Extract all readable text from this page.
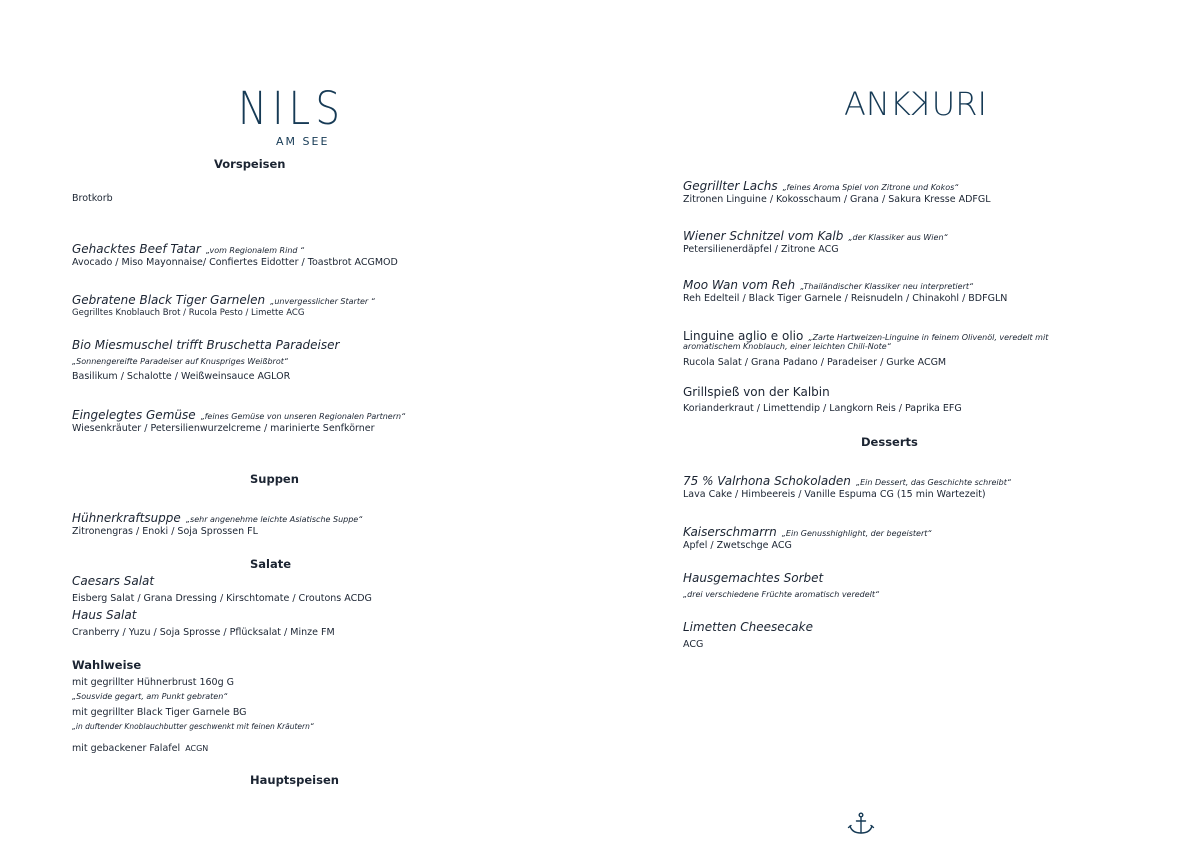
NILS
AM SEE
Vorspeisen
Brotkorb
Gehacktes Beef Tatar „vom Regionalem Rind “
Avocado / Miso Mayonnaise/ Confiertes Eidotter / Toastbrot ACGMOD
Gebratene Black Tiger Garnelen „unvergesslicher Starter “
Gegrilltes Knoblauch Brot / Rucola Pesto / Limette ACG
Bio Miesmuschel trifft Bruschetta Paradeiser
„Sonnengereifte Paradeiser auf Knuspriges Weißbrot“
Basilikum / Schalotte / Weißweinsauce AGLOR
Eingelegtes Gemüse „feines Gemüse von unseren Regionalen Partnern“
Wiesenkräuter / Petersilienwurzelcreme / marinierte Senfkörner
Suppen
Hühnerkraftsuppe „sehr angenehme leichte Asiatische Suppe“
Zitronengras / Enoki / Soja Sprossen FL
Salate
Caesars Salat
Eisberg Salat / Grana Dressing / Kirschtomate / Croutons ACDG
Haus Salat
Cranberry / Yuzu / Soja Sprosse / Pflücksalat / Minze FM
Wahlweise
mit gegrillter Hühnerbrust 160g G
„Sousvide gegart, am Punkt gebraten“
mit gegrillter Black Tiger Garnele BG
„in duftender Knoblauchbutter geschwenkt mit feinen Kräutern“
mit gebackener Falafel ACGN
Hauptspeisen
ANKKURI
Gegrillter Lachs „feines Aroma Spiel von Zitrone und Kokos“
Zitronen Linguine / Kokosschaum / Grana / Sakura Kresse ADFGL
Wiener Schnitzel vom Kalb „der Klassiker aus Wien“
Petersilienerdäpfel / Zitrone ACG
Moo Wan vom Reh „Thailändischer Klassiker neu interpretiert“
Reh Edelteil / Black Tiger Garnele / Reisnudeln / Chinakohl / BDFGLN
Linguine aglio e olio „Zarte Hartweizen-Linguine in feinem Olivenöl, veredelt mit
aromatischem Knoblauch, einer leichten Chili-Note“
Rucola Salat / Grana Padano / Paradeiser / Gurke ACGM
Grillspieß von der Kalbin
Korianderkraut / Limettendip / Langkorn Reis / Paprika EFG
Desserts
75 % Valrhona Schokoladen „Ein Dessert, das Geschichte schreibt“
Lava Cake / Himbeereis / Vanille Espuma CG (15 min Wartezeit)
Kaiserschmarrn „Ein Genusshighlight, der begeistert“
Apfel / Zwetschge ACG
Hausgemachtes Sorbet
„drei verschiedene Früchte aromatisch veredelt“
Limetten Cheesecake
ACG
